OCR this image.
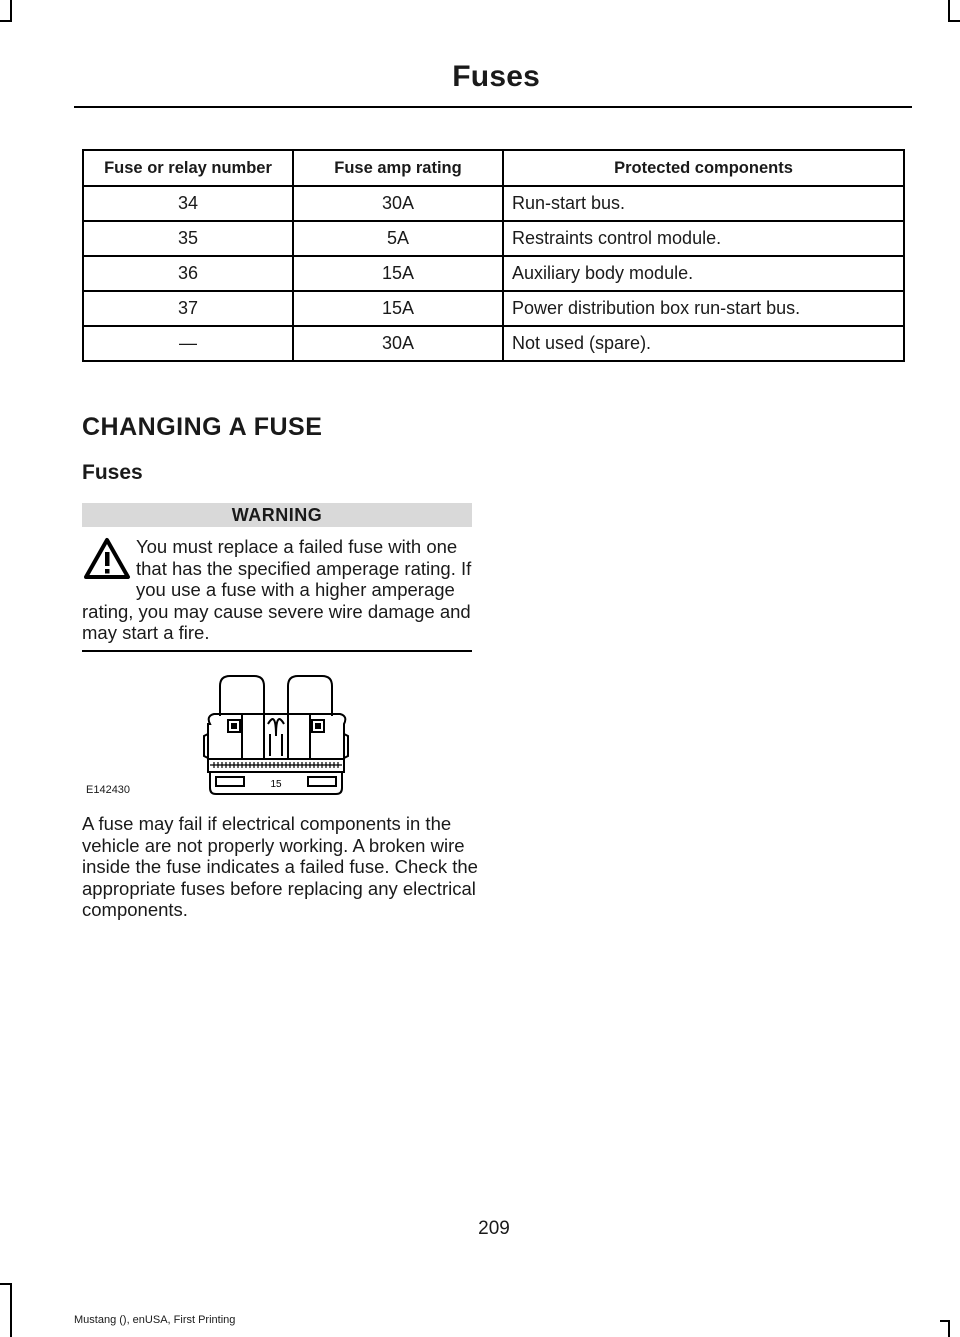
Fuses
Fuse or relay number	Fuse amp rating	Protected components
34	30A	Run-start bus.
35	5A	Restraints control module.
36	15A	Auxiliary body module.
37	15A	Power distribution box run-start bus.
—	30A	Not used (spare).
CHANGING A FUSE
Fuses
WARNING
You must replace a failed fuse with one that has the specified amperage rating. If you use a fuse with a higher amperage rating, you may cause severe wire damage and may start a fire.
15
E142430
A fuse may fail if electrical components in the vehicle are not properly working. A broken wire inside the fuse indicates a failed fuse. Check the appropriate fuses before replacing any electrical components.
209
Mustang (), enUSA, First Printing
